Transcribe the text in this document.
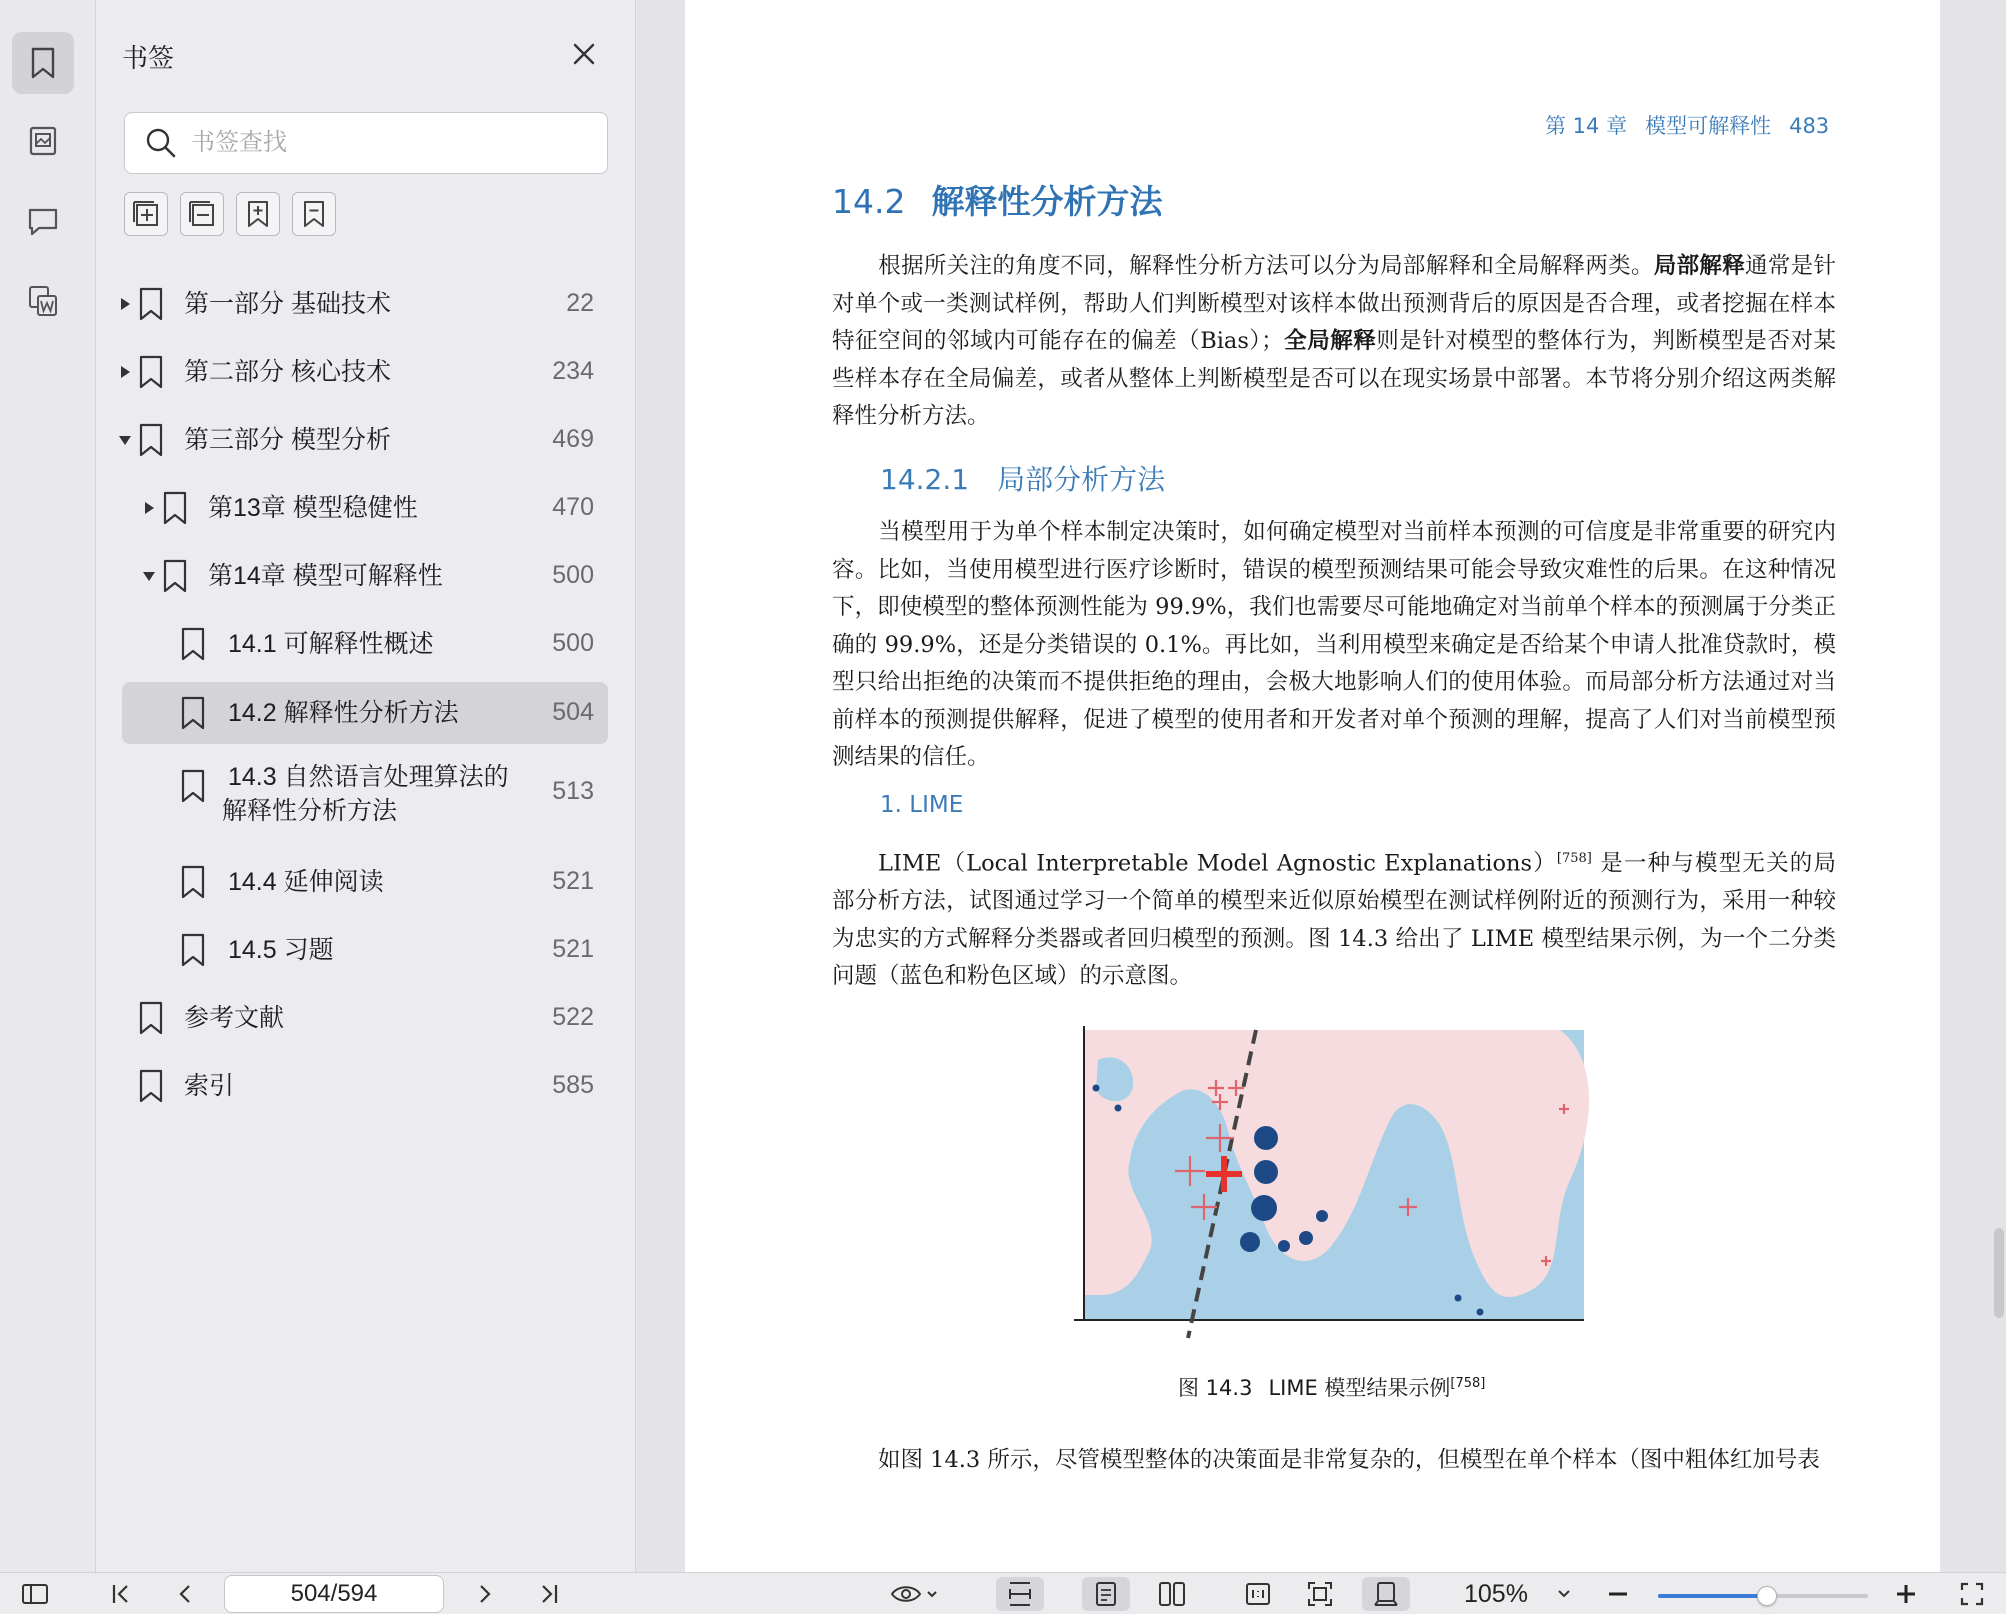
书签
书签查找
第一部分 基础技术	22
第二部分 核心技术	234
第三部分 模型分析	469
第13章 模型稳健性	470
第14章 模型可解释性	500
14.1 可解释性概述	500
14.2 解释性分析方法	504
14.3 自然语言处理算法的
解释性分析方法
513
14.4 延伸阅读	521
14.5 习题	521
参考文献	522
索引	585
第 14 章 模型可解释性 483
14.2 解释性分析方法
根据所关注的角度不同，解释性分析方法可以分为局部解释和全局解释两类。局部解释通常是针对单个或一类测试样例，帮助人们判断模型对该样本做出预测背后的原因是否合理，或者挖掘在样本特征空间的邻域内可能存在的偏差（Bias）；全局解释则是针对模型的整体行为，判断模型是否对某些样本存在全局偏差，或者从整体上判断模型是否可以在现实场景中部署。本节将分别介绍这两类解释性分析方法。
14.2.1 局部分析方法
当模型用于为单个样本制定决策时，如何确定模型对当前样本预测的可信度是非常重要的研究内容。比如，当使用模型进行医疗诊断时，错误的模型预测结果可能会导致灾难性的后果。在这种情况下，即使模型的整体预测性能为 99.9%，我们也需要尽可能地确定对当前单个样本的预测属于分类正确的 99.9%，还是分类错误的 0.1%。再比如，当利用模型来确定是否给某个申请人批准贷款时，模型只给出拒绝的决策而不提供拒绝的理由，会极大地影响人们的使用体验。而局部分析方法通过对当前样本的预测提供解释，促进了模型的使用者和开发者对单个预测的理解，提高了人们对当前模型预测结果的信任。
1. LIME
LIME（Local Interpretable Model Agnostic Explanations）[758] 是一种与模型无关的局部分析方法，试图通过学习一个简单的模型来近似原始模型在测试样例附近的预测行为，采用一种较为忠实的方式解释分类器或者回归模型的预测。图 14.3 给出了 LIME 模型结果示例，为一个二分类问题（蓝色和粉色区域）的示意图。
图 14.3 LIME 模型结果示例[758]
如图 14.3 所示，尽管模型整体的决策面是非常复杂的，但模型在单个样本（图中粗体红加号表
504/594	105%
